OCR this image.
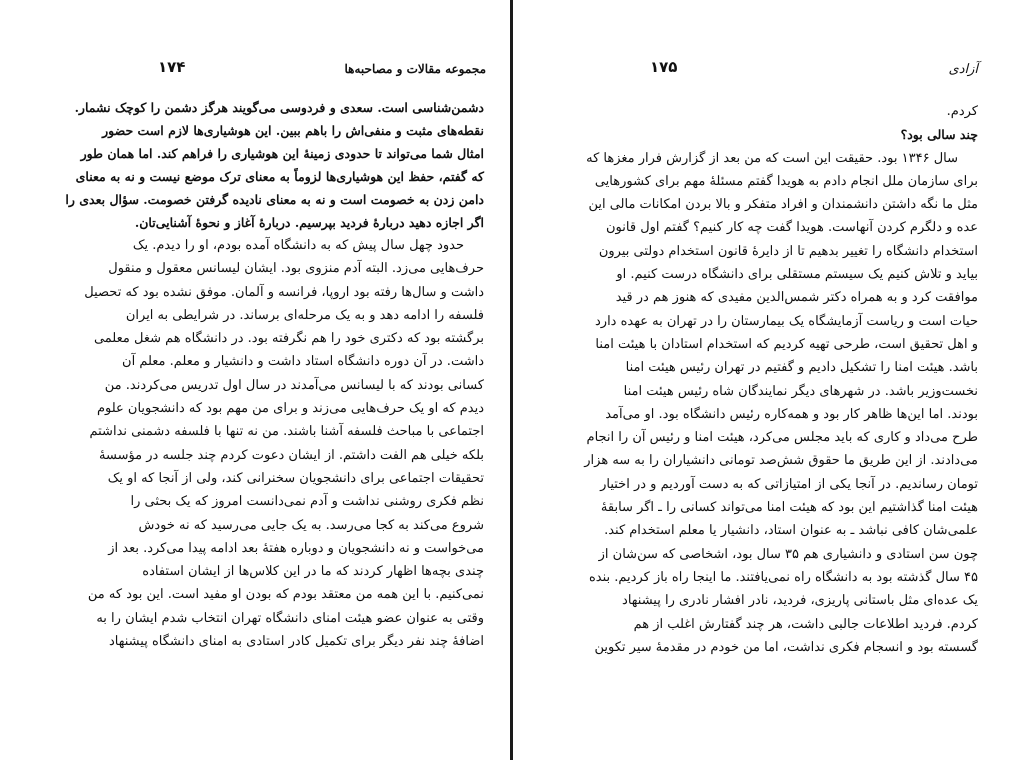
مجموعه مقالات و مصاحبه‌ها
۱۷۴

دشمن‌شناسی است. سعدی و فردوسی می‌گویند هرگز دشمن را کوچک نشمار.

نقطه‌های مثبت و منفی‌اش را باهم ببین. این هوشیاری‌ها لازم است حضور

امثال شما می‌تواند تا حدودی زمینهٔ این هوشیاری را فراهم کند. اما همان طور

که گفتم، حفظ این هوشیاری‌ها لزوماً به معنای ترک موضع نیست و نه به معنای

دامن زدن به خصومت است و نه به معنای نادیده گرفتن خصومت. سؤال بعدی را

اگر اجازه دهید دربارهٔ فردید بپرسیم. دربارهٔ آغاز و نحوهٔ آشنایی‌تان.

حدود چهل سال پیش که به دانشگاه آمده بودم، او را دیدم. یک

حرف‌هایی می‌زد. البته آدم منزوی بود. ایشان لیسانس معقول و منقول

داشت و سال‌ها رفته بود اروپا، فرانسه و آلمان. موفق نشده بود که تحصیل

فلسفه را ادامه دهد و به یک مرحله‌ای برساند. در شرایطی به ایران

برگشته بود که دکتری خود را هم نگرفته بود. در دانشگاه هم شغل معلمی

داشت. در آن دوره دانشگاه استاد داشت و دانشیار و معلم. معلم آن

کسانی بودند که با لیسانس می‌آمدند در سال اول تدریس می‌کردند. من

دیدم که او یک حرف‌هایی می‌زند و برای من مهم بود که دانشجویان علوم

اجتماعی با مباحث فلسفه آشنا باشند. من نه تنها با فلسفه دشمنی نداشتم

بلکه خیلی هم الفت داشتم. از ایشان دعوت کردم چند جلسه در مؤسسهٔ

تحقیقات اجتماعی برای دانشجویان سخنرانی کند، ولی از آنجا که او یک

نظم فکری روشنی نداشت و آدم نمی‌دانست امروز که یک بحثی را

شروع می‌کند به کجا می‌رسد. به یک جایی می‌رسید که نه خودش

می‌خواست و نه دانشجویان و دوباره هفتهٔ بعد ادامه پیدا می‌کرد. بعد از

چندی بچه‌ها اظهار کردند که ما در این کلاس‌ها از ایشان استفاده

نمی‌کنیم. با این همه من معتقد بودم که بودن او مفید است. این بود که من

وقتی به عنوان عضو هیئت امنای دانشگاه تهران انتخاب شدم ایشان را به

اضافهٔ چند نفر دیگر برای تکمیل کادر استادی به امنای دانشگاه پیشنهاد

آزادی
۱۷۵

کردم.

چند سالی بود؟

سال ۱۳۴۶ بود. حقیقت این است که من بعد از گزارش فرار مغزها که

برای سازمان ملل انجام دادم به هویدا گفتم مسئلهٔ مهم برای کشورهایی

مثل ما نگه داشتن دانشمندان و افراد متفکر و بالا بردن امکانات مالی این

عده و دلگرم کردن آنهاست. هویدا گفت چه کار کنیم؟ گفتم اول قانون

استخدام دانشگاه را تغییر بدهیم تا از دایرهٔ قانون استخدام دولتی بیرون

بیاید و تلاش کنیم یک سیستم مستقلی برای دانشگاه درست کنیم. او

موافقت کرد و به همراه دکتر شمس‌الدین مفیدی که هنوز هم در قید

حیات است و ریاست آزمایشگاه یک بیمارستان را در تهران به عهده دارد

و اهل تحقیق است، طرحی تهیه کردیم که استخدام استادان با هیئت امنا

باشد. هیئت امنا را تشکیل دادیم و گفتیم در تهران رئیس هیئت امنا

نخست‌وزیر باشد. در شهرهای دیگر نمایندگان شاه رئیس هیئت امنا

بودند. اما این‌ها ظاهر کار بود و همه‌کاره رئیس دانشگاه بود. او می‌آمد

طرح می‌داد و کاری که باید مجلس می‌کرد، هیئت امنا و رئیس آن را انجام

می‌دادند. از این طریق ما حقوق شش‌صد تومانی دانشیاران را به سه هزار

تومان رساندیم. در آنجا یکی از امتیازاتی که به دست آوردیم و در اختیار

هیئت امنا گذاشتیم این بود که هیئت امنا می‌تواند کسانی را ـ اگر سابقهٔ

علمی‌شان کافی نباشد ـ به عنوان استاد، دانشیار یا معلم استخدام کند.

چون سن استادی و دانشیاری هم ۳۵ سال بود، اشخاصی که سن‌شان از

۴۵ سال گذشته بود به دانشگاه راه نمی‌یافتند. ما اینجا راه باز کردیم. بنده

یک عده‌ای مثل باستانی پاریزی، فردید، نادر افشار نادری را پیشنهاد

کردم. فردید اطلاعات جالبی داشت، هر چند گفتارش اغلب از هم

گسسته بود و انسجام فکری نداشت، اما من خودم در مقدمهٔ سیر تکوین
